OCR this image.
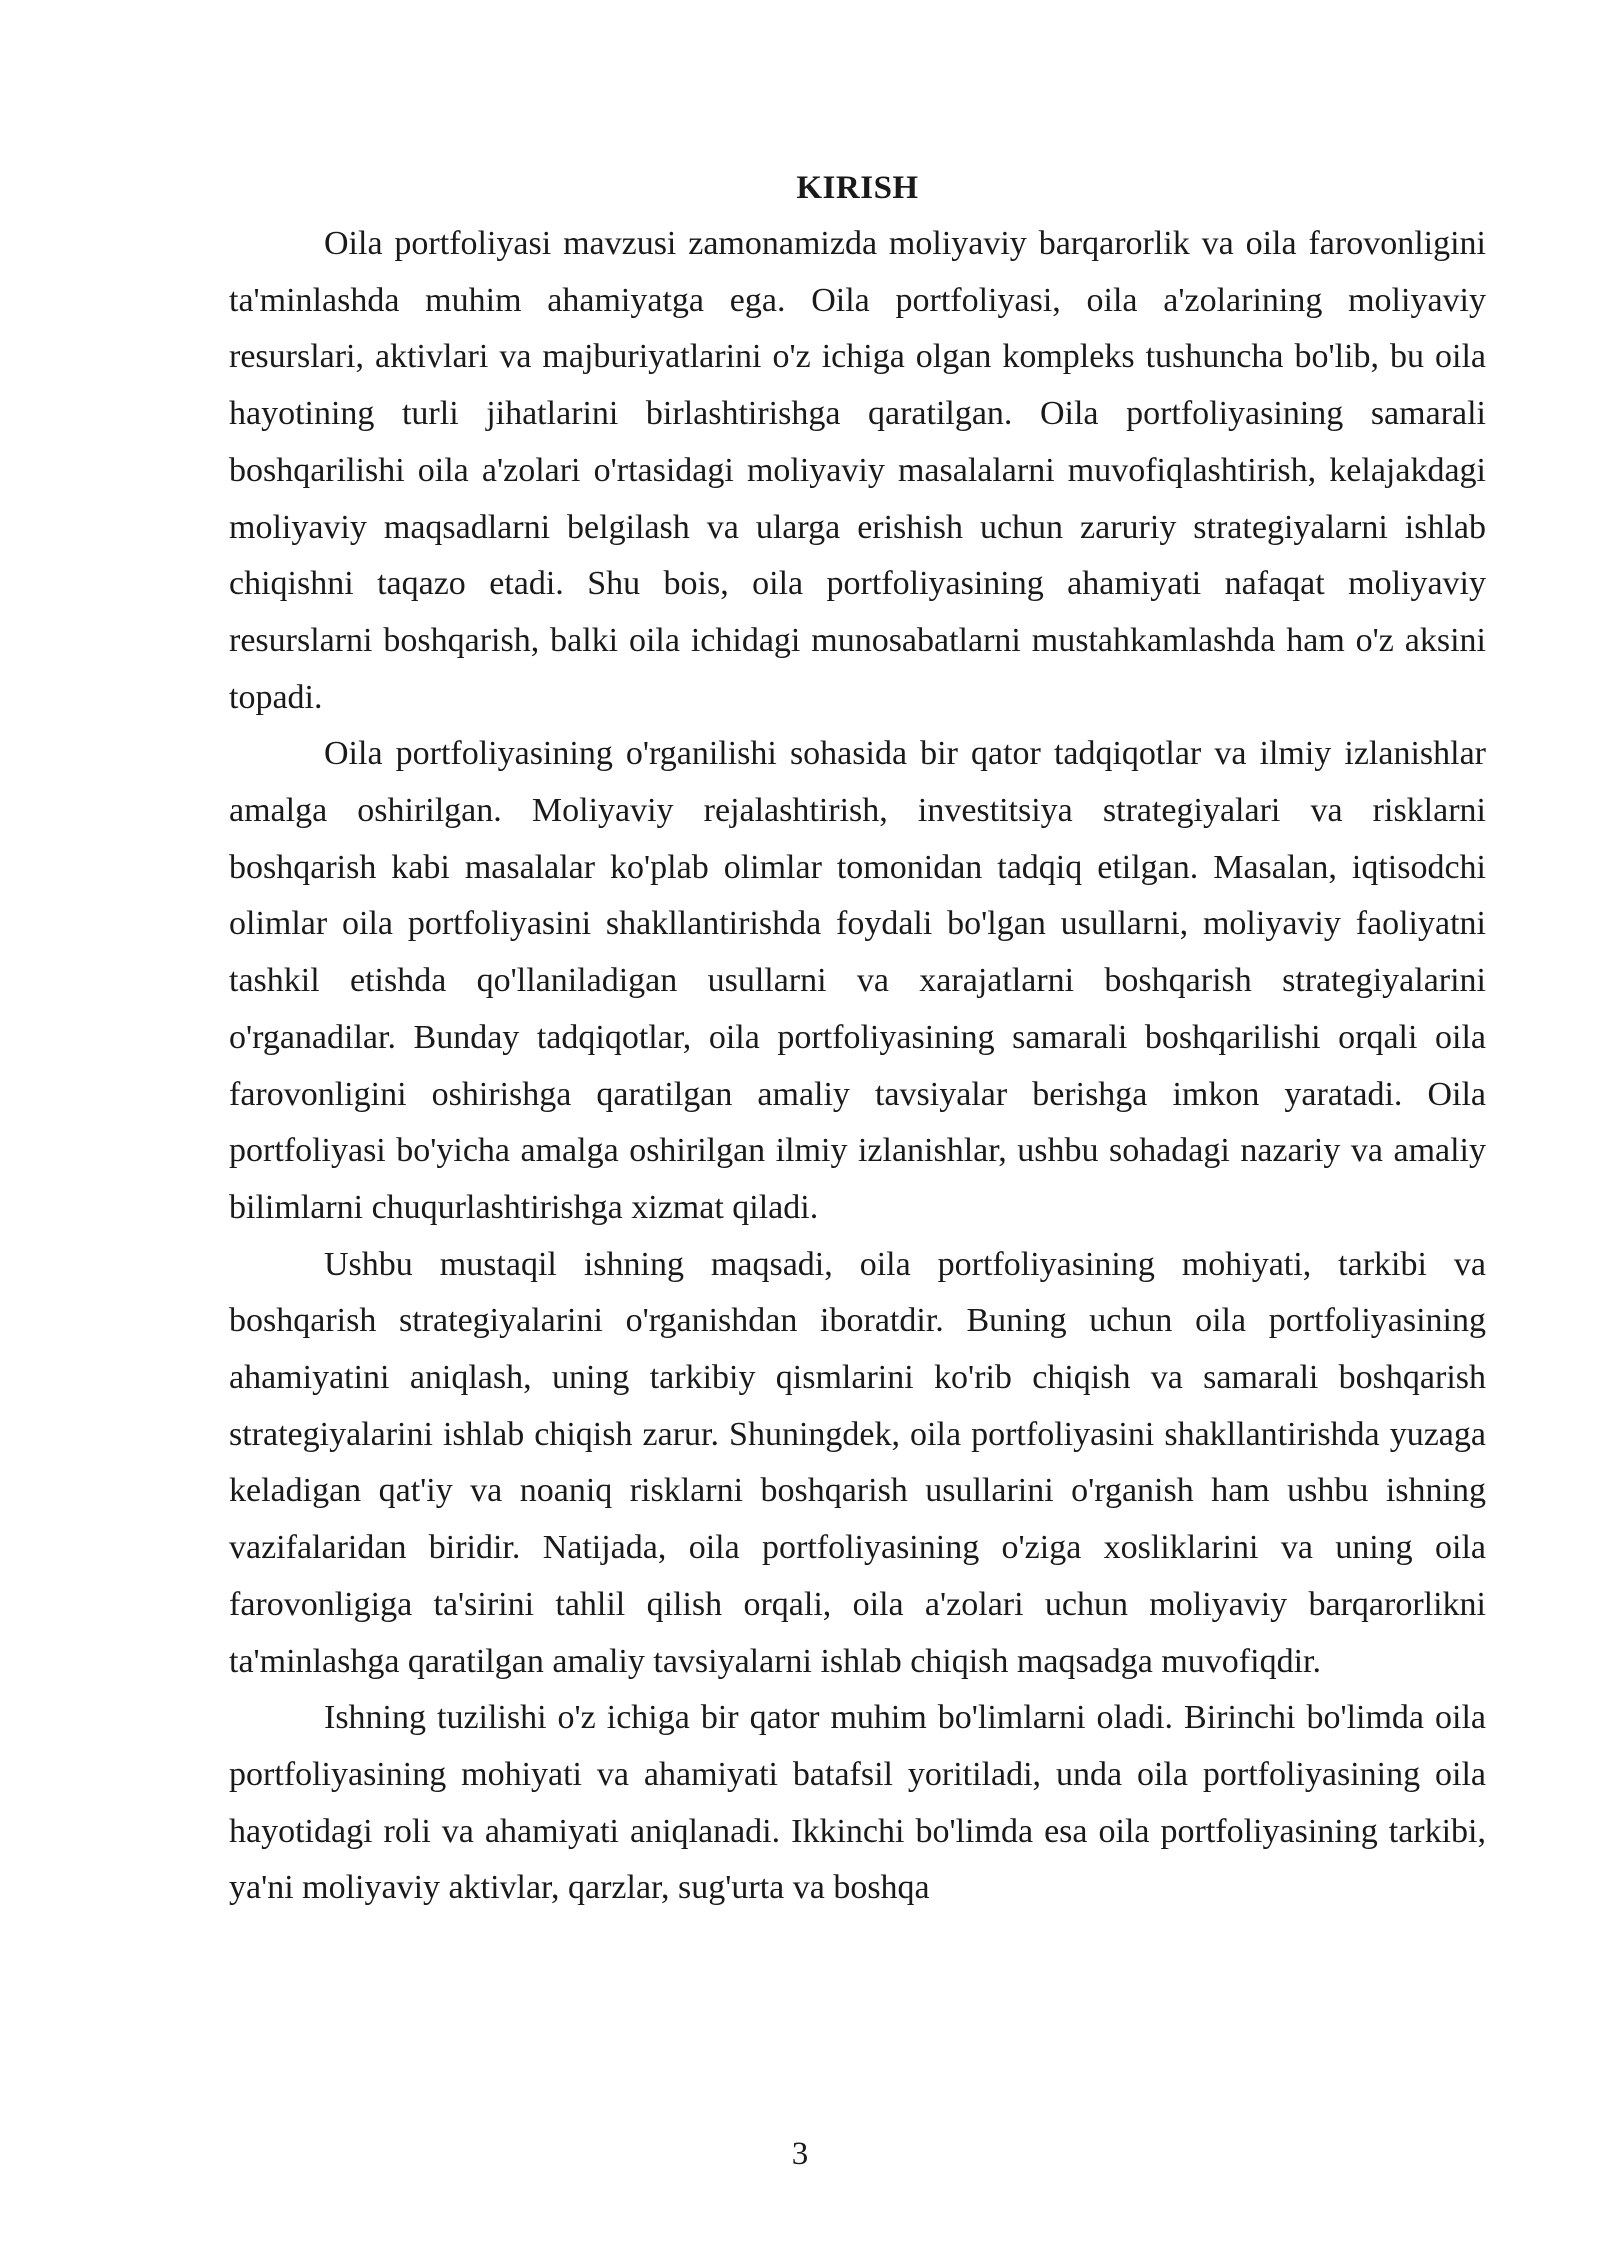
KIRISH

Oila portfoliyasi mavzusi zamonamizda moliyaviy barqarorlik va oila farovonligini ta'minlashda muhim ahamiyatga ega. Oila portfoliyasi, oila a'zolarining moliyaviy resurslari, aktivlari va majburiyatlarini o'z ichiga olgan kompleks tushuncha bo'lib, bu oila hayotining turli jihatlarini birlashtirishga qaratilgan. Oila portfoliyasining samarali boshqarilishi oila a'zolari o'rtasidagi moliyaviy masalalarni muvofiqlashtirish, kelajakdagi moliyaviy maqsadlarni belgilash va ularga erishish uchun zaruriy strategiyalarni ishlab chiqishni taqazo etadi. Shu bois, oila portfoliyasining ahamiyati nafaqat moliyaviy resurslarni boshqarish, balki oila ichidagi munosabatlarni mustahkamlashda ham o'z aksini topadi.

Oila portfoliyasining o'rganilishi sohasida bir qator tadqiqotlar va ilmiy izlanishlar amalga oshirilgan. Moliyaviy rejalashtirish, investitsiya strategiyalari va risklarni boshqarish kabi masalalar ko'plab olimlar tomonidan tadqiq etilgan. Masalan, iqtisodchi olimlar oila portfoliyasini shakllantirishda foydali bo'lgan usullarni, moliyaviy faoliyatni tashkil etishda qo'llaniladigan usullarni va xarajatlarni boshqarish strategiyalarini o'rganadilar. Bunday tadqiqotlar, oila portfoliyasining samarali boshqarilishi orqali oila farovonligini oshirishga qaratilgan amaliy tavsiyalar berishga imkon yaratadi. Oila portfoliyasi bo'yicha amalga oshirilgan ilmiy izlanishlar, ushbu sohadagi nazariy va amaliy bilimlarni chuqurlashtirishga xizmat qiladi.

Ushbu mustaqil ishning maqsadi, oila portfoliyasining mohiyati, tarkibi va boshqarish strategiyalarini o'rganishdan iboratdir. Buning uchun oila portfoliyasining ahamiyatini aniqlash, uning tarkibiy qismlarini ko'rib chiqish va samarali boshqarish strategiyalarini ishlab chiqish zarur. Shuningdek, oila portfoliyasini shakllantirishda yuzaga keladigan qat'iy va noaniq risklarni boshqarish usullarini o'rganish ham ushbu ishning vazifalaridan biridir. Natijada, oila portfoliyasining o'ziga xosliklarini va uning oila farovonligiga ta'sirini tahlil qilish orqali, oila a'zolari uchun moliyaviy barqarorlikni ta'minlashga qaratilgan amaliy tavsiyalarni ishlab chiqish maqsadga muvofiqdir.

Ishning tuzilishi o'z ichiga bir qator muhim bo'limlarni oladi. Birinchi bo'limda oila portfoliyasining mohiyati va ahamiyati batafsil yoritiladi, unda oila portfoliyasining oila hayotidagi roli va ahamiyati aniqlanadi. Ikkinchi bo'limda esa oila portfoliyasining tarkibi, ya'ni moliyaviy aktivlar, qarzlar, sug'urta va boshqa

3
